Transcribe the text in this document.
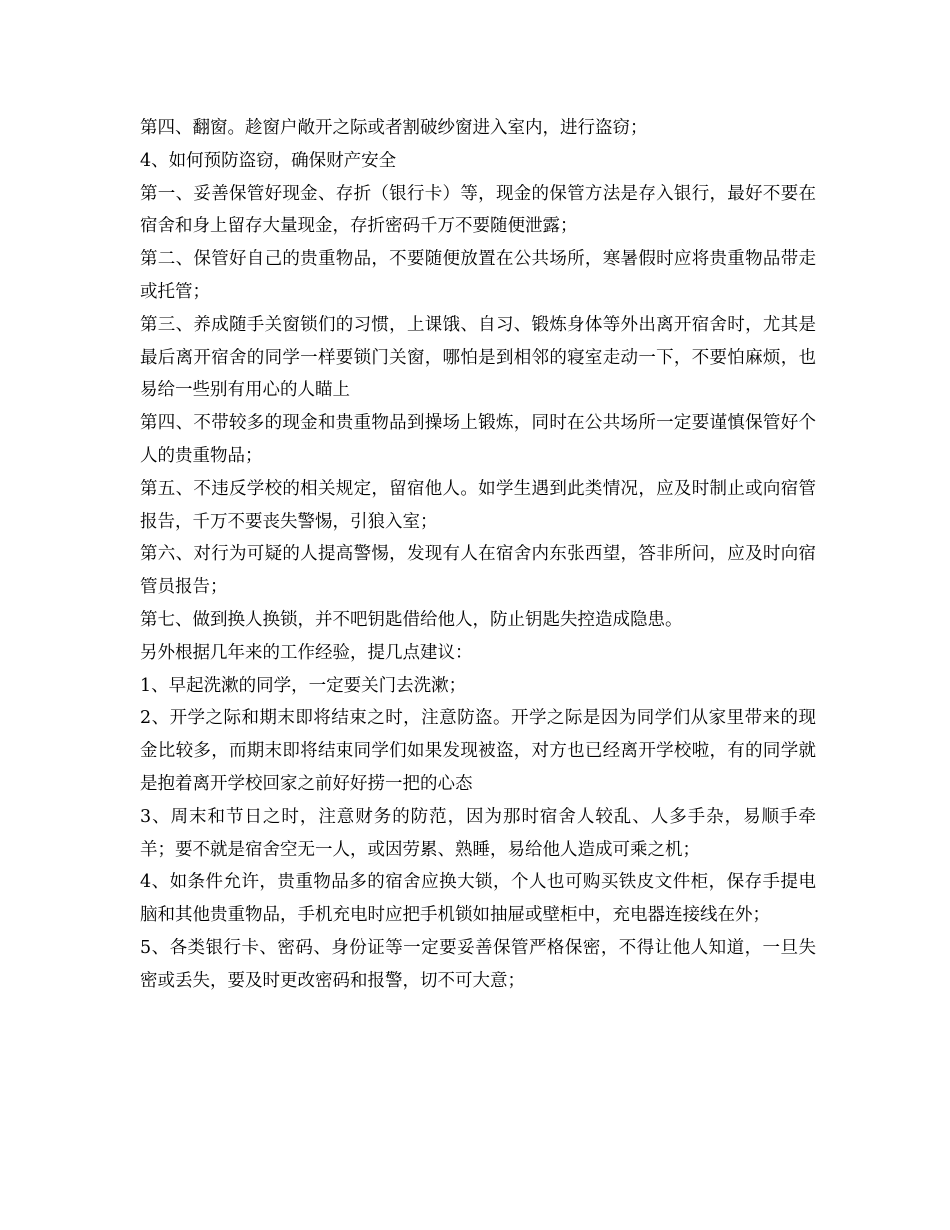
第四、翻窗。趁窗户敞开之际或者割破纱窗进入室内，进行盗窃；

4、如何预防盗窃，确保财产安全

第一、妥善保管好现金、存折（银行卡）等，现金的保管方法是存入银行，最好不要在宿舍和身上留存大量现金，存折密码千万不要随便泄露；

第二、保管好自己的贵重物品，不要随便放置在公共场所，寒暑假时应将贵重物品带走或托管；

第三、养成随手关窗锁们的习惯，上课饿、自习、锻炼身体等外出离开宿舍时，尤其是最后离开宿舍的同学一样要锁门关窗，哪怕是到相邻的寝室走动一下，不要怕麻烦，也易给一些别有用心的人瞄上

第四、不带较多的现金和贵重物品到操场上锻炼，同时在公共场所一定要谨慎保管好个人的贵重物品；

第五、不违反学校的相关规定，留宿他人。如学生遇到此类情况，应及时制止或向宿管报告，千万不要丧失警惕，引狼入室；

第六、对行为可疑的人提高警惕，发现有人在宿舍内东张西望，答非所问，应及时向宿管员报告；

第七、做到换人换锁，并不吧钥匙借给他人，防止钥匙失控造成隐患。

另外根据几年来的工作经验，提几点建议：

1、早起洗漱的同学，一定要关门去洗漱；

2、开学之际和期末即将结束之时，注意防盗。开学之际是因为同学们从家里带来的现金比较多，而期末即将结束同学们如果发现被盗，对方也已经离开学校啦，有的同学就是抱着离开学校回家之前好好捞一把的心态

3、周末和节日之时，注意财务的防范，因为那时宿舍人较乱、人多手杂，易顺手牵羊；要不就是宿舍空无一人，或因劳累、熟睡，易给他人造成可乘之机；

4、如条件允许，贵重物品多的宿舍应换大锁，个人也可购买铁皮文件柜，保存手提电脑和其他贵重物品，手机充电时应把手机锁如抽屉或壁柜中，充电器连接线在外；

5、各类银行卡、密码、身份证等一定要妥善保管严格保密，不得让他人知道，一旦失密或丢失，要及时更改密码和报警，切不可大意；
